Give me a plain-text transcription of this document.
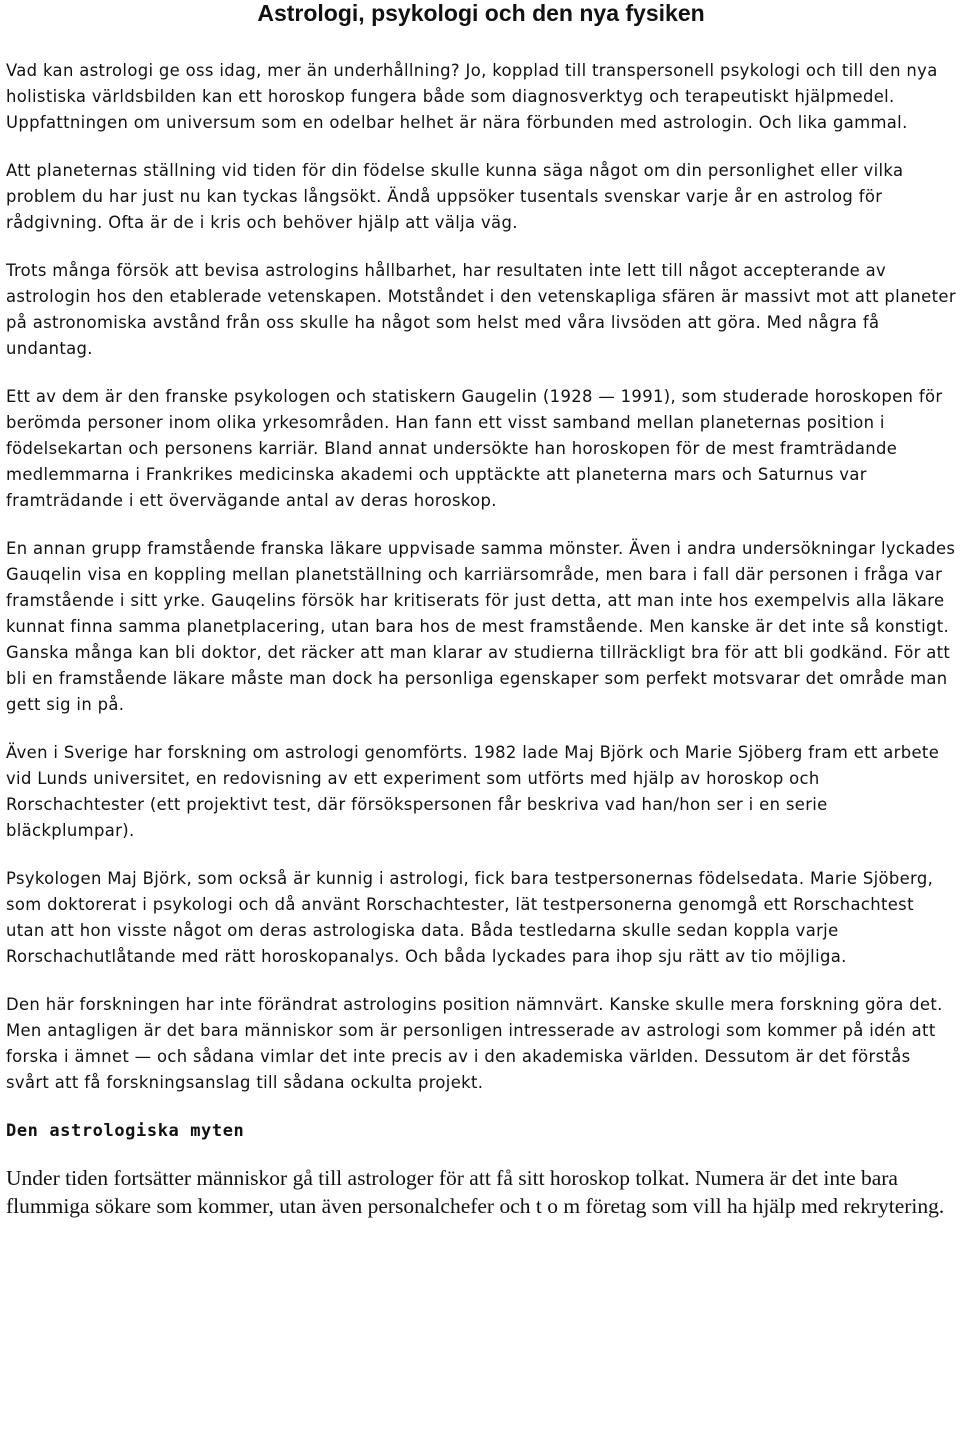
Astrologi, psykologi och den nya fysiken

Vad kan astrologi ge oss idag, mer än underhållning? Jo, kopplad till transpersonell psykologi och till den nya holistiska världsbilden kan ett horoskop fungera både som diagnosverktyg och terapeutiskt hjälpmedel. Uppfattningen om universum som en odelbar helhet är nära förbunden med astrologin. Och lika gammal.

Att planeternas ställning vid tiden för din födelse skulle kunna säga något om din personlighet eller vilka problem du har just nu kan tyckas långsökt. Ändå uppsöker tusentals svenskar varje år en astrolog för rådgivning. Ofta är de i kris och behöver hjälp att välja väg.

Trots många försök att bevisa astrologins hållbarhet, har resultaten inte lett till något accepterande av astrologin hos den etablerade vetenskapen. Motståndet i den vetenskapliga sfären är massivt mot att planeter på astronomiska avstånd från oss skulle ha något som helst med våra livsöden att göra. Med några få undantag.

Ett av dem är den franske psykologen och statiskern Gaugelin (1928 — 1991), som studerade horoskopen för berömda personer inom olika yrkesområden. Han fann ett visst samband mellan planeternas position i födelsekartan och personens karriär. Bland annat undersökte han horoskopen för de mest framträdande medlemmarna i Frankrikes medicinska akademi och upptäckte att planeterna mars och Saturnus var framträdande i ett övervägande antal av deras horoskop.

En annan grupp framstående franska läkare uppvisade samma mönster. Även i andra undersökningar lyckades Gauqelin visa en koppling mellan planetställning och karriärsområde, men bara i fall där personen i fråga var framstående i sitt yrke. Gauqelins försök har kritiserats för just detta, att man inte hos exempelvis alla läkare kunnat finna samma planetplacering, utan bara hos de mest framstående. Men kanske är det inte så konstigt. Ganska många kan bli doktor, det räcker att man klarar av studierna tillräckligt bra för att bli godkänd. För att bli en framstående läkare måste man dock ha personliga egenskaper som perfekt motsvarar det område man gett sig in på.

Även i Sverige har forskning om astrologi genomförts. 1982 lade Maj Björk och Marie Sjöberg fram ett arbete vid Lunds universitet, en redovisning av ett experiment som utförts med hjälp av horoskop och Rorschachtester (ett projektivt test, där försökspersonen får beskriva vad han/hon ser i en serie bläckplumpar).

Psykologen Maj Björk, som också är kunnig i astrologi, fick bara testpersonernas födelsedata. Marie Sjöberg, som doktorerat i psykologi och då använt Rorschachtester, lät testpersonerna genomgå ett Rorschachtest utan att hon visste något om deras astrologiska data. Båda testledarna skulle sedan koppla varje Rorschachutlåtande med rätt horoskopanalys. Och båda lyckades para ihop sju rätt av tio möjliga.

Den här forskningen har inte förändrat astrologins position nämnvärt. Kanske skulle mera forskning göra det. Men antagligen är det bara människor som är personligen intresserade av astrologi som kommer på idén att forska i ämnet — och sådana vimlar det inte precis av i den akademiska världen. Dessutom är det förstås svårt att få forskningsanslag till sådana ockulta projekt.

Den astrologiska myten

Under tiden fortsätter människor gå till astrologer för att få sitt horoskop tolkat. Numera är det inte bara flummiga sökare som kommer, utan även personalchefer och t o m företag som vill ha hjälp med rekrytering.
